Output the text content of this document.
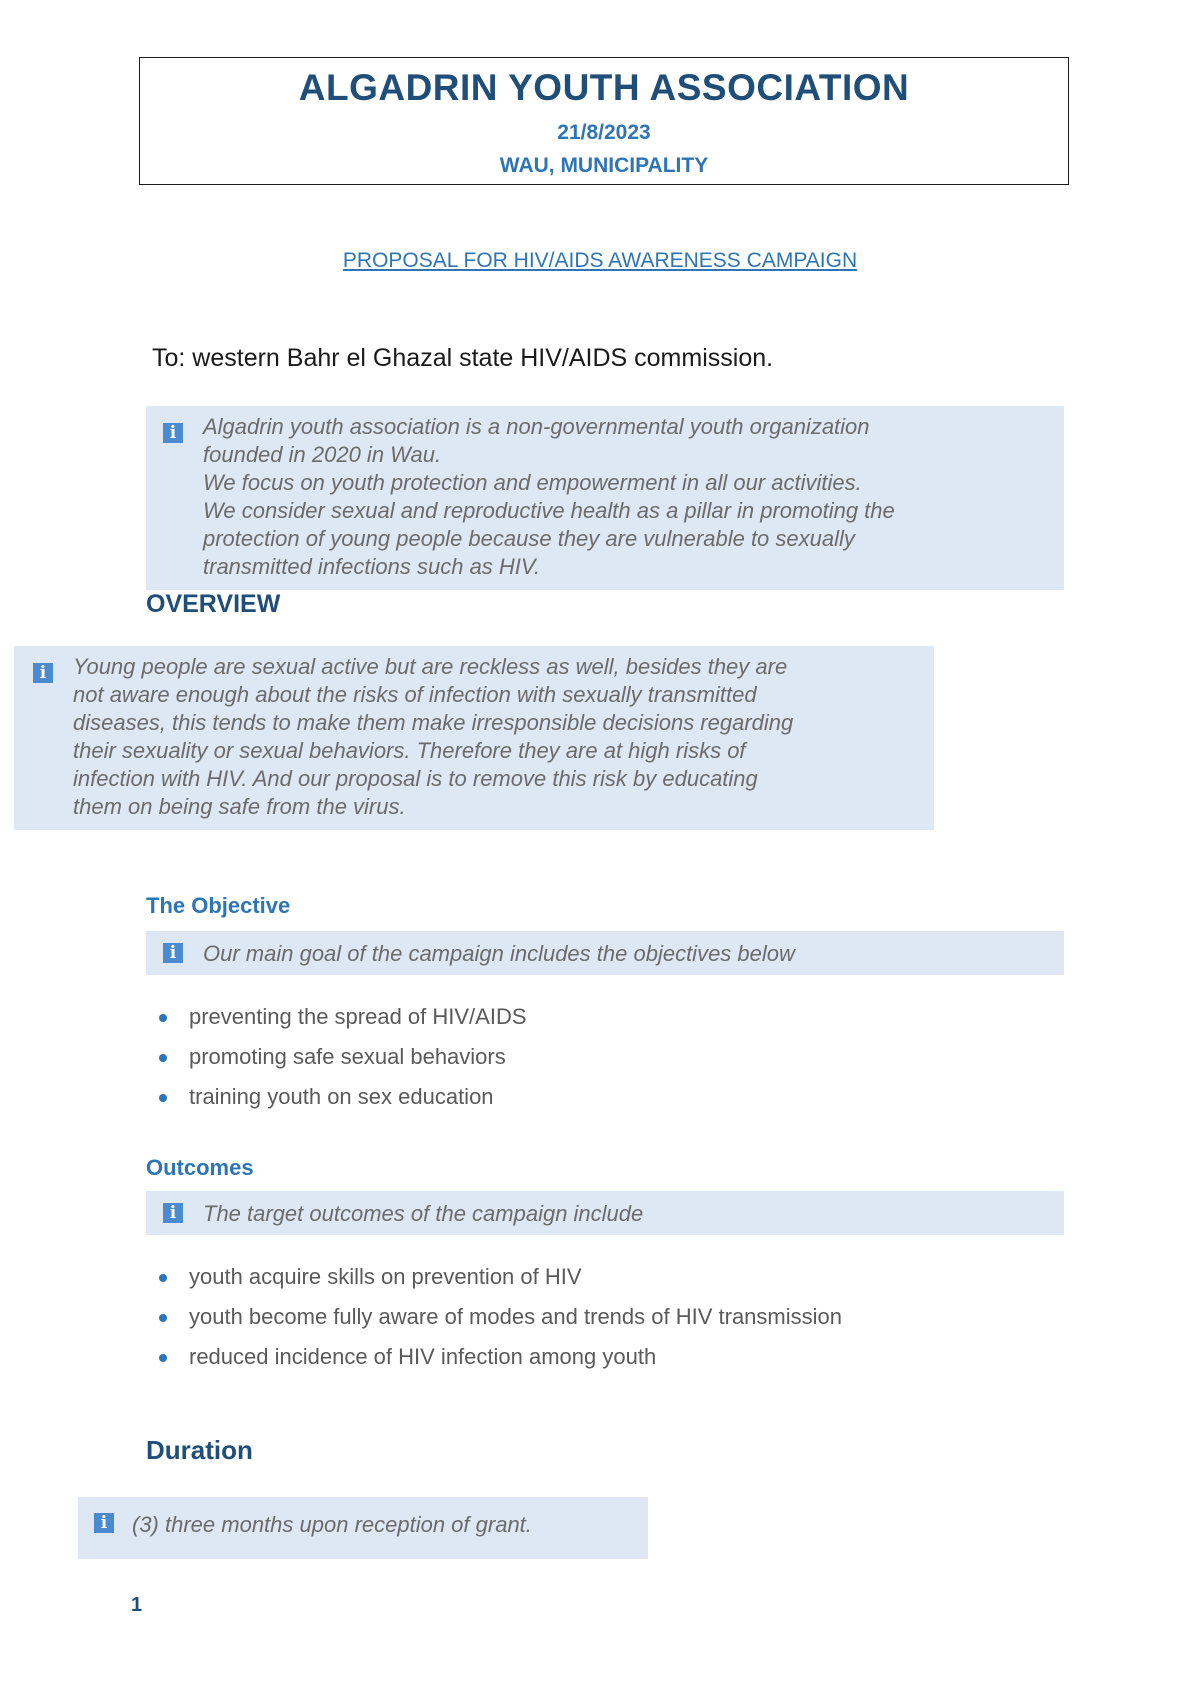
ALGADRIN YOUTH ASSOCIATION
21/8/2023
WAU, MUNICIPALITY
PROPOSAL FOR HIV/AIDS AWARENESS CAMPAIGN
To: western Bahr el Ghazal state HIV/AIDS commission.
i	Algadrin youth association is a non-governmental youth organization
founded in 2020 in Wau.
We focus on youth protection and empowerment in all our activities.
We consider sexual and reproductive health as a pillar in promoting the
protection of young people because they are vulnerable to sexually
transmitted infections such as HIV.
OVERVIEW
i	Young people are sexual active but are reckless as well, besides they are
not aware enough about the risks of infection with sexually transmitted
diseases, this tends to make them make irresponsible decisions regarding
their sexuality or sexual behaviors. Therefore they are at high risks of
infection with HIV. And our proposal is to remove this risk by educating
them on being safe from the virus.
The Objective
i	Our main goal of the campaign includes the objectives below
preventing the spread of HIV/AIDS
promoting safe sexual behaviors
training youth on sex education
Outcomes
i	The target outcomes of the campaign include
youth acquire skills on prevention of HIV
youth become fully aware of modes and trends of HIV transmission
reduced incidence of HIV infection among youth
Duration
i	(3) three months upon reception of grant.
1
